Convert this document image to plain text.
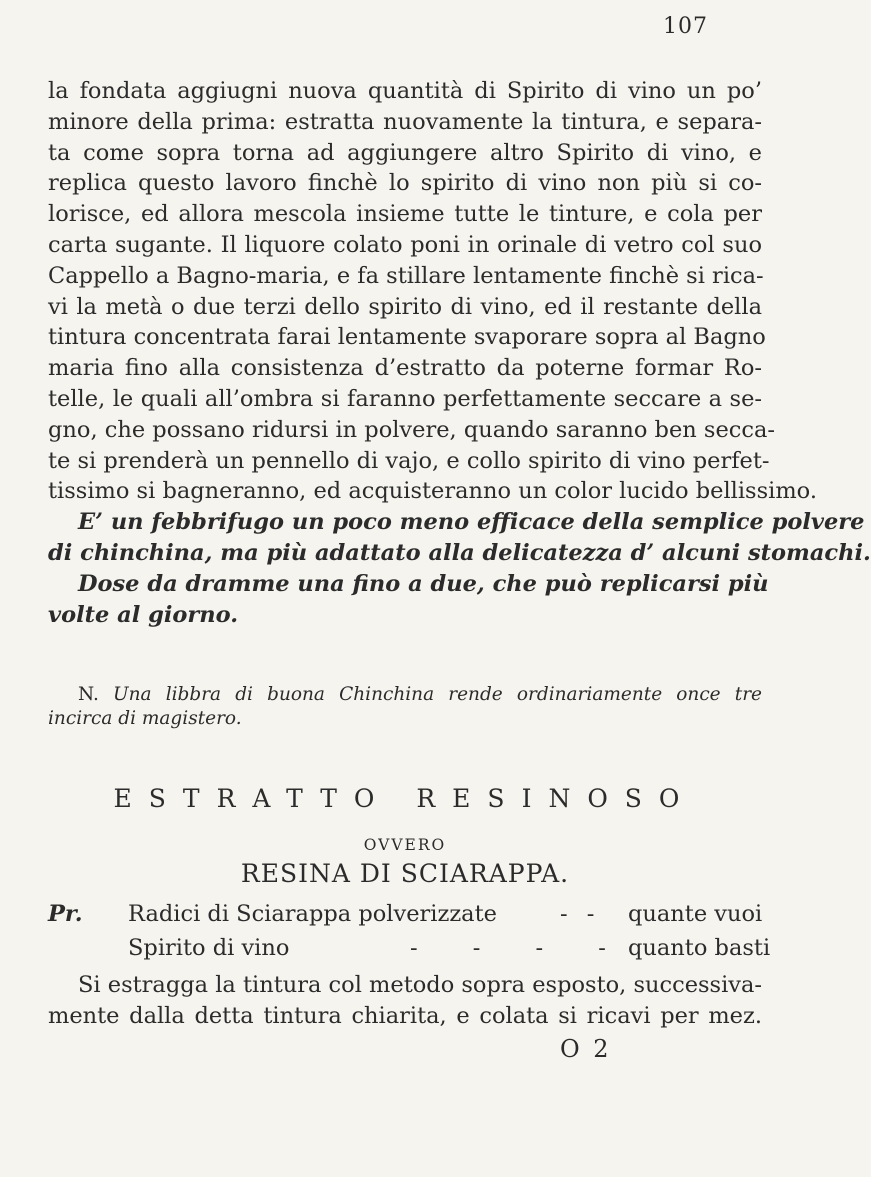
107
la fondata aggiugni nuova quantità di Spirito di vino un po’
minore della prima: estratta nuovamente la tintura, e separa-
ta come sopra torna ad aggiungere altro Spirito di vino, e
replica questo lavoro finchè lo spirito di vino non più si co-
lorisce, ed allora mescola insieme tutte le tinture, e cola per
carta sugante. Il liquore colato poni in orinale di vetro col suo
Cappello a Bagno-maria, e fa stillare lentamente finchè si rica-
vi la metà o due terzi dello spirito di vino, ed il restante della
tintura concentrata farai lentamente svaporare sopra al Bagno
maria fino alla consistenza d’estratto da poterne formar Ro-
telle, le quali all’ombra si faranno perfettamente seccare a se-
gno, che possano ridursi in polvere, quando saranno ben secca-
te si prenderà un pennello di vajo, e collo spirito di vino perfet-
tissimo si bagneranno, ed acquisteranno un color lucido bellissimo.
E’ un febbrifugo un poco meno efficace della semplice polvere
di chinchina, ma più adattato alla delicatezza d’ alcuni stomachi.
Dose da dramme una fino a due, che può replicarsi più
volte al giorno.
N. Una libbra di buona Chinchina rende ordinariamente once tre
incirca di magistero.
ESTRATTO RESINOSO
OVVERO
RESINA DI SCIARAPPA.
Pr. Radici di Sciarappa polverizzate	- - quante vuoi
Spirito di vino	- - - -
quanto basti
Si estragga la tintura col metodo sopra esposto, successiva-
mente dalla detta tintura chiarita, e colata si ricavi per mez.
O 2
